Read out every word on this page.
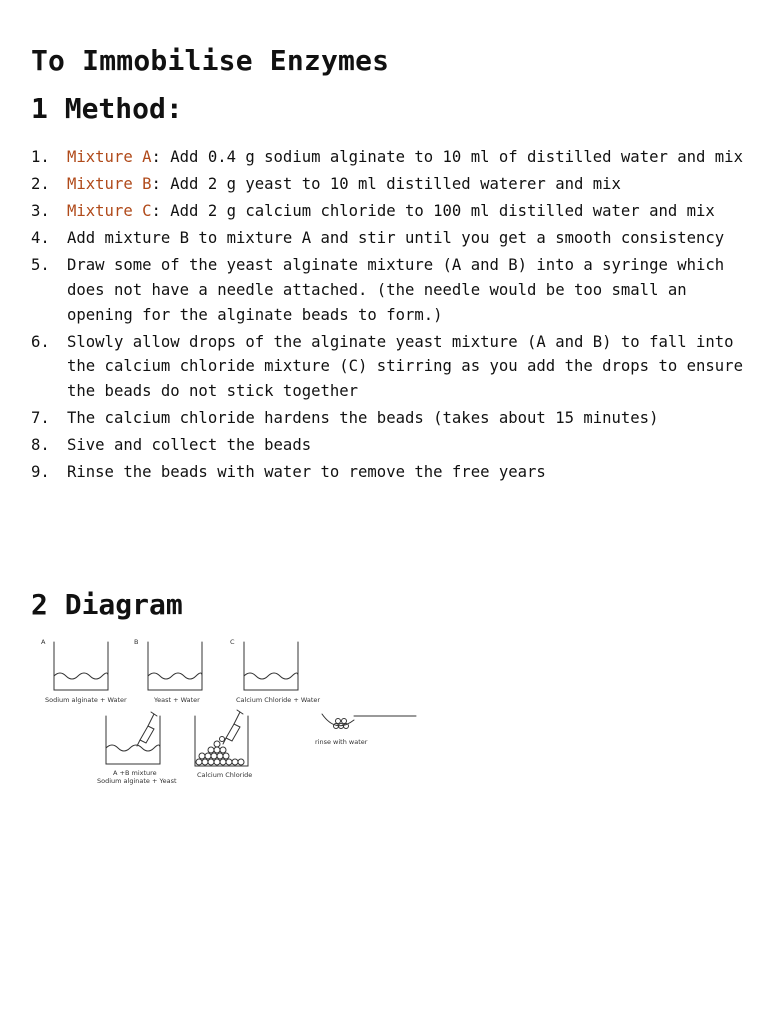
To Immobilise Enzymes
1 Method:
1.	Mixture A: Add 0.4 g sodium alginate to 10 ml of distilled water and mix
2.	Mixture B: Add 2 g yeast to 10 ml distilled waterer and mix
3.	Mixture C: Add 2 g calcium chloride to 100 ml distilled water and mix
4.	Add mixture B to mixture A and stir until you get a smooth consistency
5.	Draw some of the yeast alginate mixture (A and B) into a syringe which does not have a needle attached. (the needle would be too small an opening for the alginate beads to form.)
6.	Slowly allow drops of the alginate yeast mixture (A and B) to fall into the calcium chloride mixture (C) stirring as you add the drops to ensure the beads do not stick together
7.	The calcium chloride hardens the beads (takes about 15 minutes)
8.	Sive and collect the beads
9.	Rinse the beads with water to remove the free years
2 Diagram
A
Sodium alginate + Water
B
Yeast + Water
C
Calcium Chloride + Water
A +B mixture
Sodium alginate + Yeast
Calcium Chloride
rinse with water
